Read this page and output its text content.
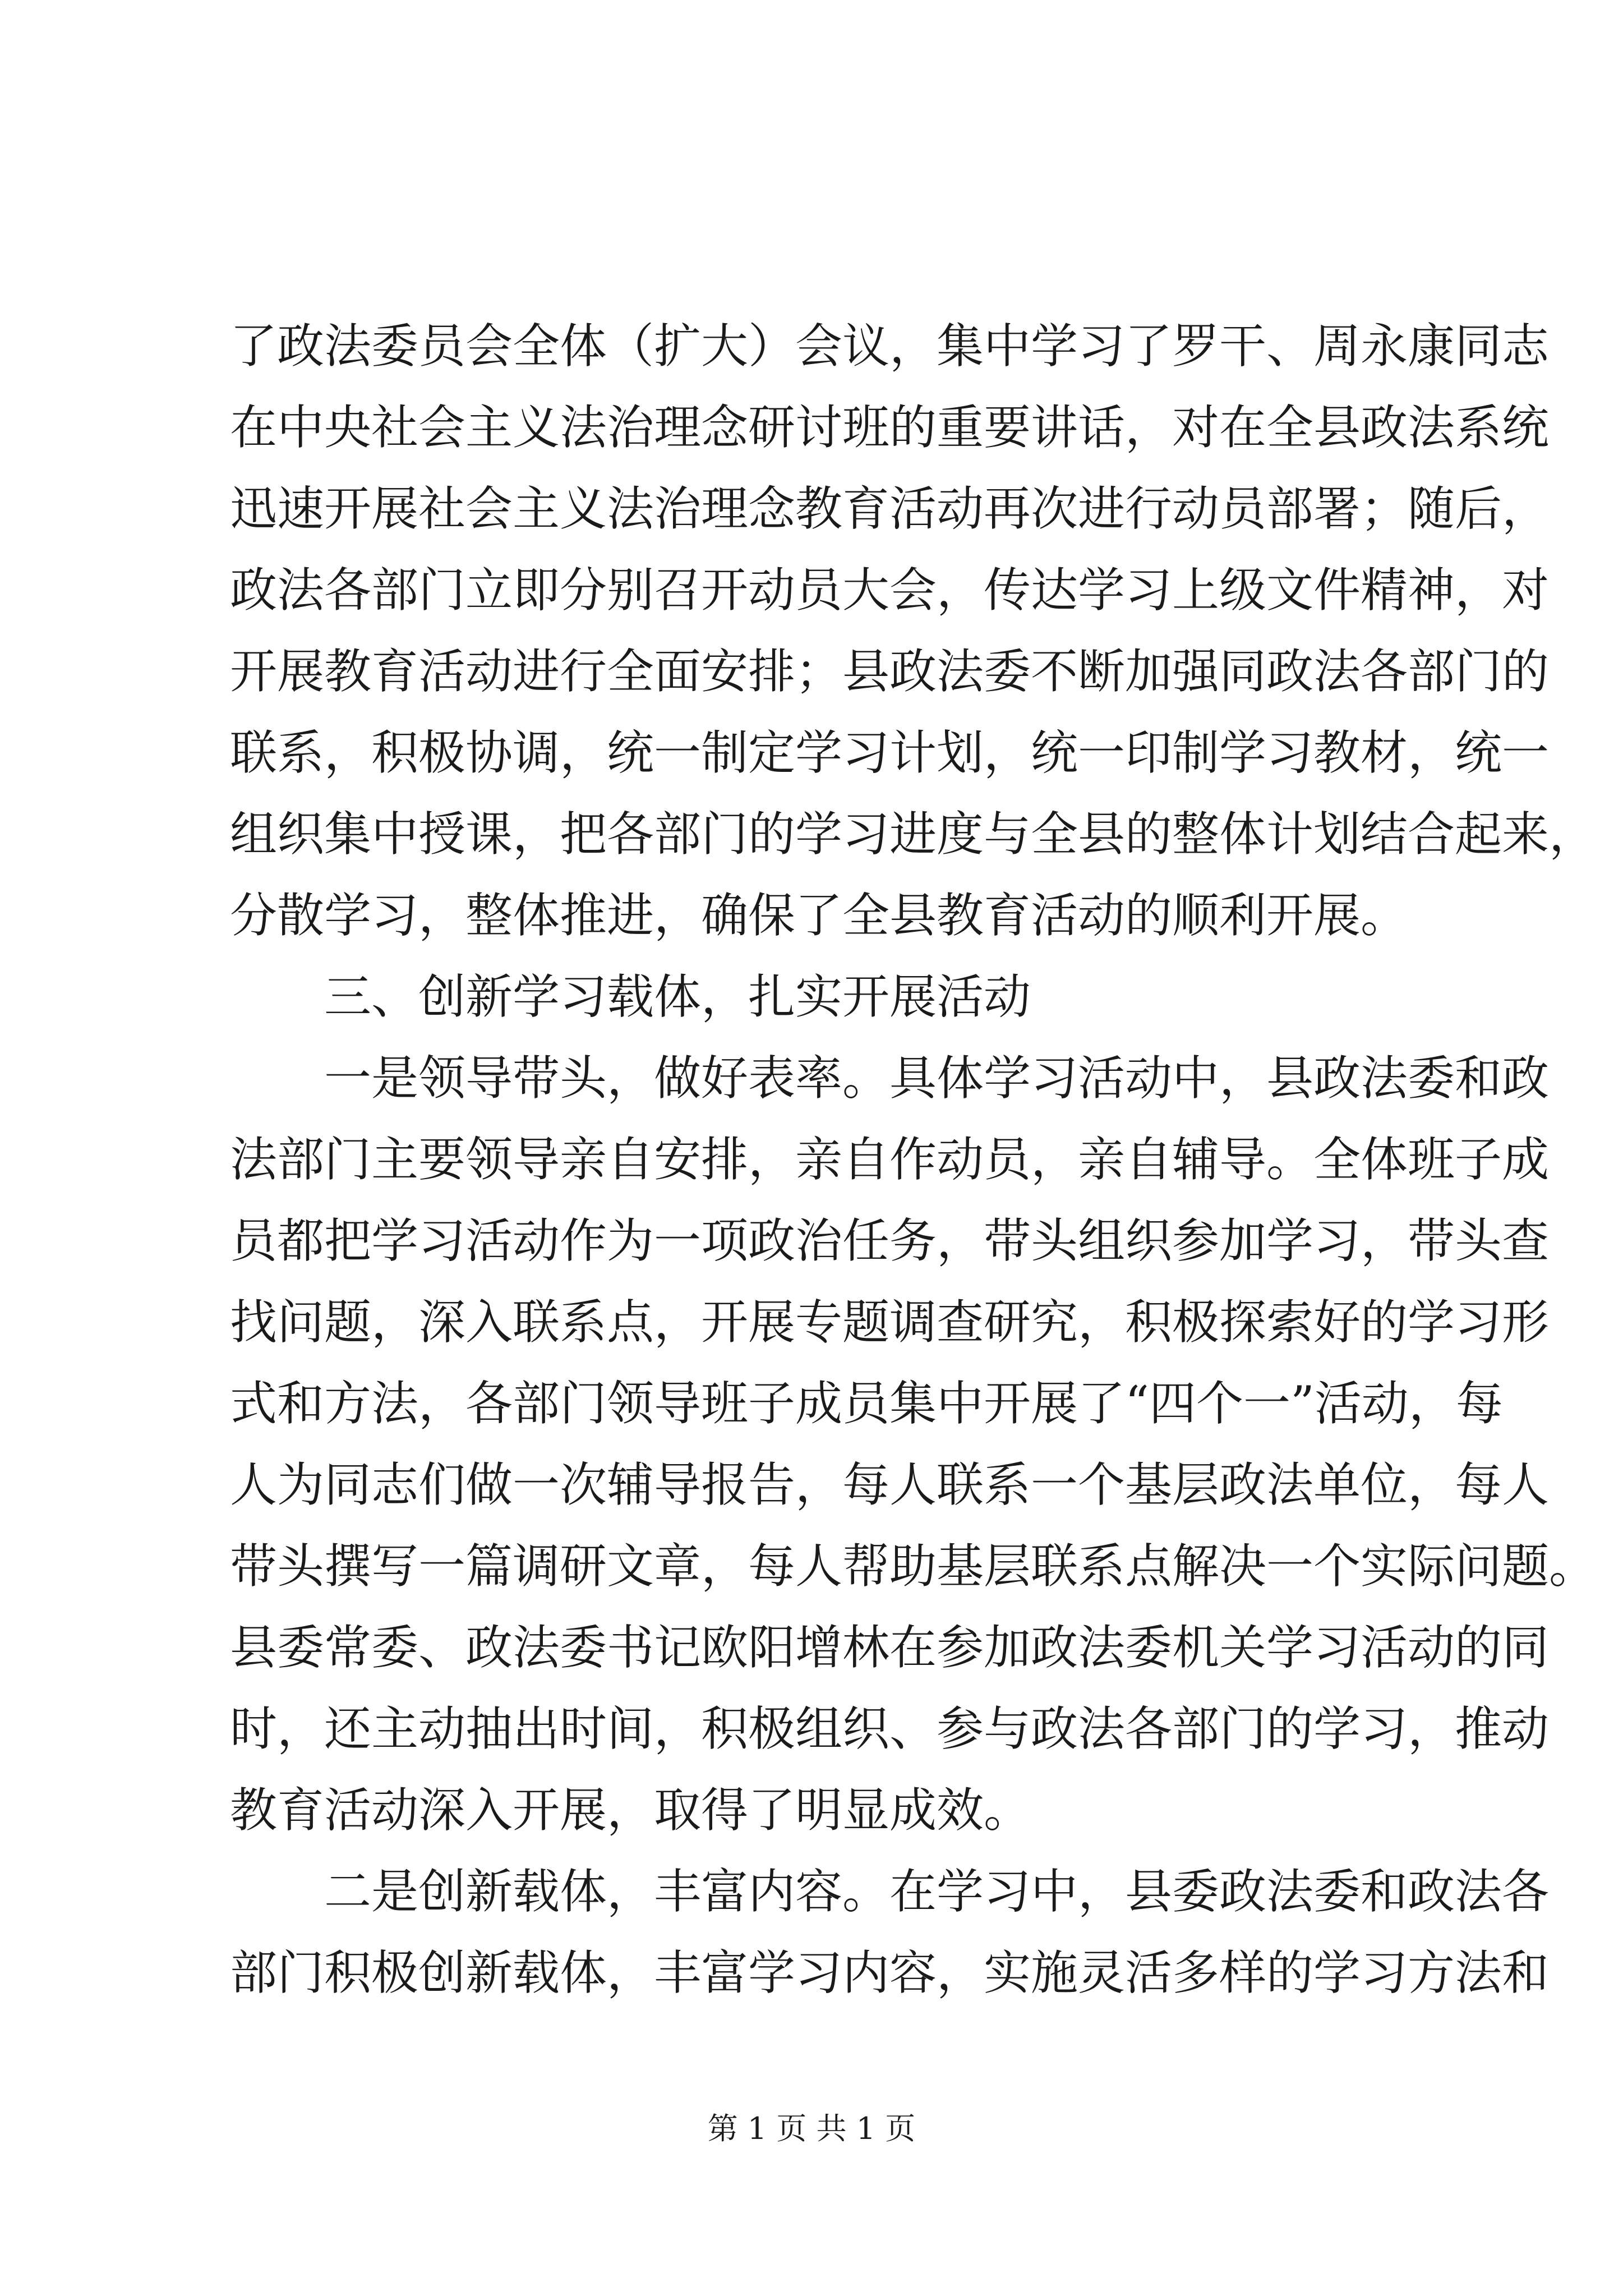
了政法委员会全体（扩大）会议，集中学习了罗干、周永康同志
在中央社会主义法治理念研讨班的重要讲话，对在全县政法系统
迅速开展社会主义法治理念教育活动再次进行动员部署；随后，
政法各部门立即分别召开动员大会，传达学习上级文件精神，对
开展教育活动进行全面安排；县政法委不断加强同政法各部门的
联系，积极协调，统一制定学习计划，统一印制学习教材，统一
组织集中授课，把各部门的学习进度与全县的整体计划结合起来，
分散学习，整体推进，确保了全县教育活动的顺利开展。
三、创新学习载体，扎实开展活动
一是领导带头，做好表率。具体学习活动中，县政法委和政
法部门主要领导亲自安排，亲自作动员，亲自辅导。全体班子成
员都把学习活动作为一项政治任务，带头组织参加学习，带头查
找问题，深入联系点，开展专题调查研究，积极探索好的学习形
式和方法，各部门领导班子成员集中开展了“四个一”活动，每
人为同志们做一次辅导报告，每人联系一个基层政法单位，每人
带头撰写一篇调研文章，每人帮助基层联系点解决一个实际问题。
县委常委、政法委书记欧阳增林在参加政法委机关学习活动的同
时，还主动抽出时间，积极组织、参与政法各部门的学习，推动
教育活动深入开展，取得了明显成效。
二是创新载体，丰富内容。在学习中，县委政法委和政法各
部门积极创新载体，丰富学习内容，实施灵活多样的学习方法和
第 1 页 共 1 页
